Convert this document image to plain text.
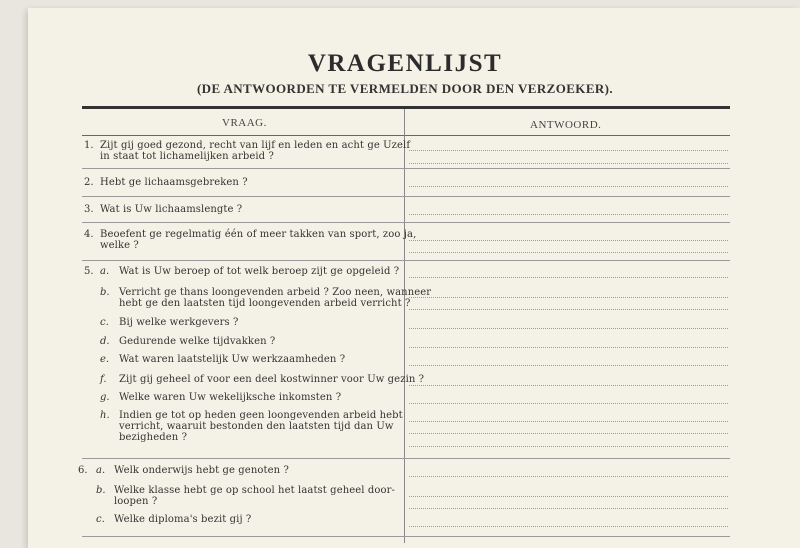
VRAGENLIJST
(DE ANTWOORDEN TE VERMELDEN DOOR DEN VERZOEKER).
VRAAG.	ANTWOORD.
1. Zijt gij goed gezond, recht van lijf en leden en acht ge Uzelf
in staat tot lichamelijken arbeid ?
2. Hebt ge lichaamsgebreken ?
3. Wat is Uw lichaamslengte ?
4. Beoefent ge regelmatig één of meer takken van sport, zoo ja,
welke ?
5. a. Wat is Uw beroep of tot welk beroep zijt ge opgeleid ?
b. Verricht ge thans loongevenden arbeid ? Zoo neen, wanneer
hebt ge den laatsten tijd loongevenden arbeid verricht ?
c. Bij welke werkgevers ?
d. Gedurende welke tijdvakken ?
e. Wat waren laatstelijk Uw werkzaamheden ?
f. Zijt gij geheel of voor een deel kostwinner voor Uw gezin ?
g. Welke waren Uw wekelijksche inkomsten ?
h. Indien ge tot op heden geen loongevenden arbeid hebt
verricht, waaruit bestonden den laatsten tijd dan Uw
bezigheden ?
6. a. Welk onderwijs hebt ge genoten ?
b. Welke klasse hebt ge op school het laatst geheel door-
loopen ?
c. Welke diploma's bezit gij ?
